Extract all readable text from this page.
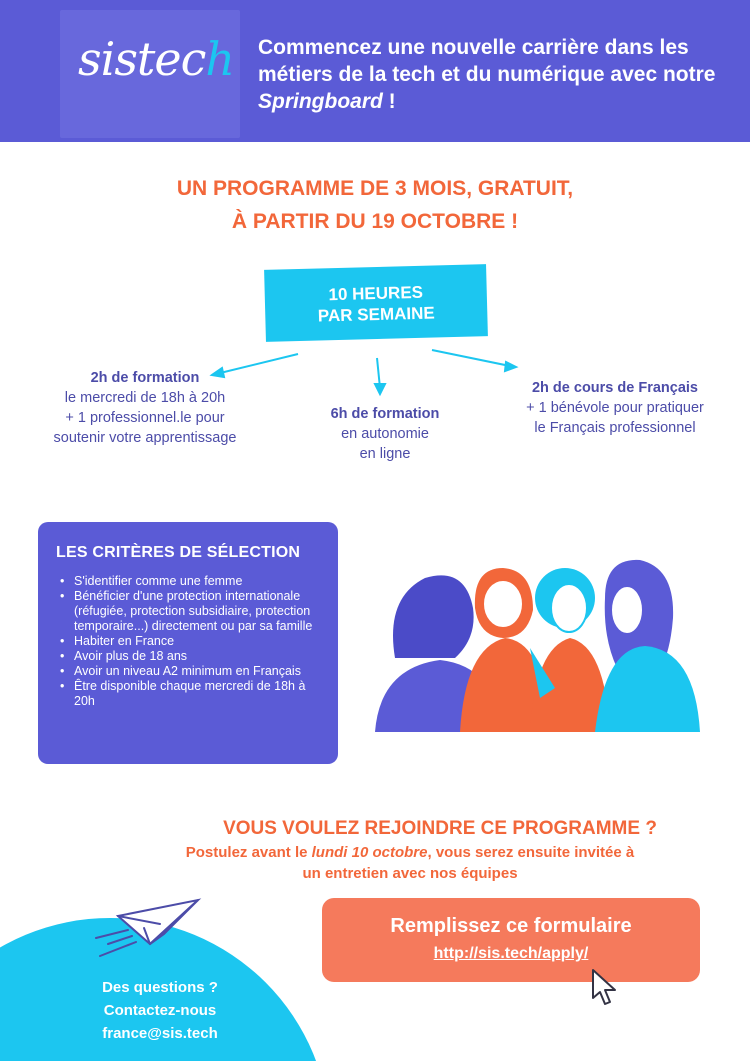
sistech Commencez une nouvelle carrière dans les métiers de la tech et du numérique avec notre Springboard !
UN PROGRAMME DE 3 MOIS, GRATUIT,
À PARTIR DU 19 OCTOBRE !
10 HEURES
PAR SEMAINE
2h de formation
le mercredi de 18h à 20h
+ 1 professionnel.le pour
soutenir votre apprentissage
6h de formation
en autonomie
en ligne
2h de cours de Français
+ 1 bénévole pour pratiquer
le Français professionnel
LES CRITÈRES DE SÉLECTION
• S'identifier comme une femme
• Bénéficier d'une protection internationale (réfugiée, protection subsidiaire, protection temporaire...) directement ou par sa famille
• Habiter en France
• Avoir plus de 18 ans
• Avoir un niveau A2 minimum en Français
• Être disponible chaque mercredi de 18h à 20h
VOUS VOULEZ REJOINDRE CE PROGRAMME ?
Postulez avant le lundi 10 octobre, vous serez ensuite invitée à un entretien avec nos équipes
Des questions ?
Contactez-nous
france@sis.tech
Remplissez ce formulaire
http://sis.tech/apply/
